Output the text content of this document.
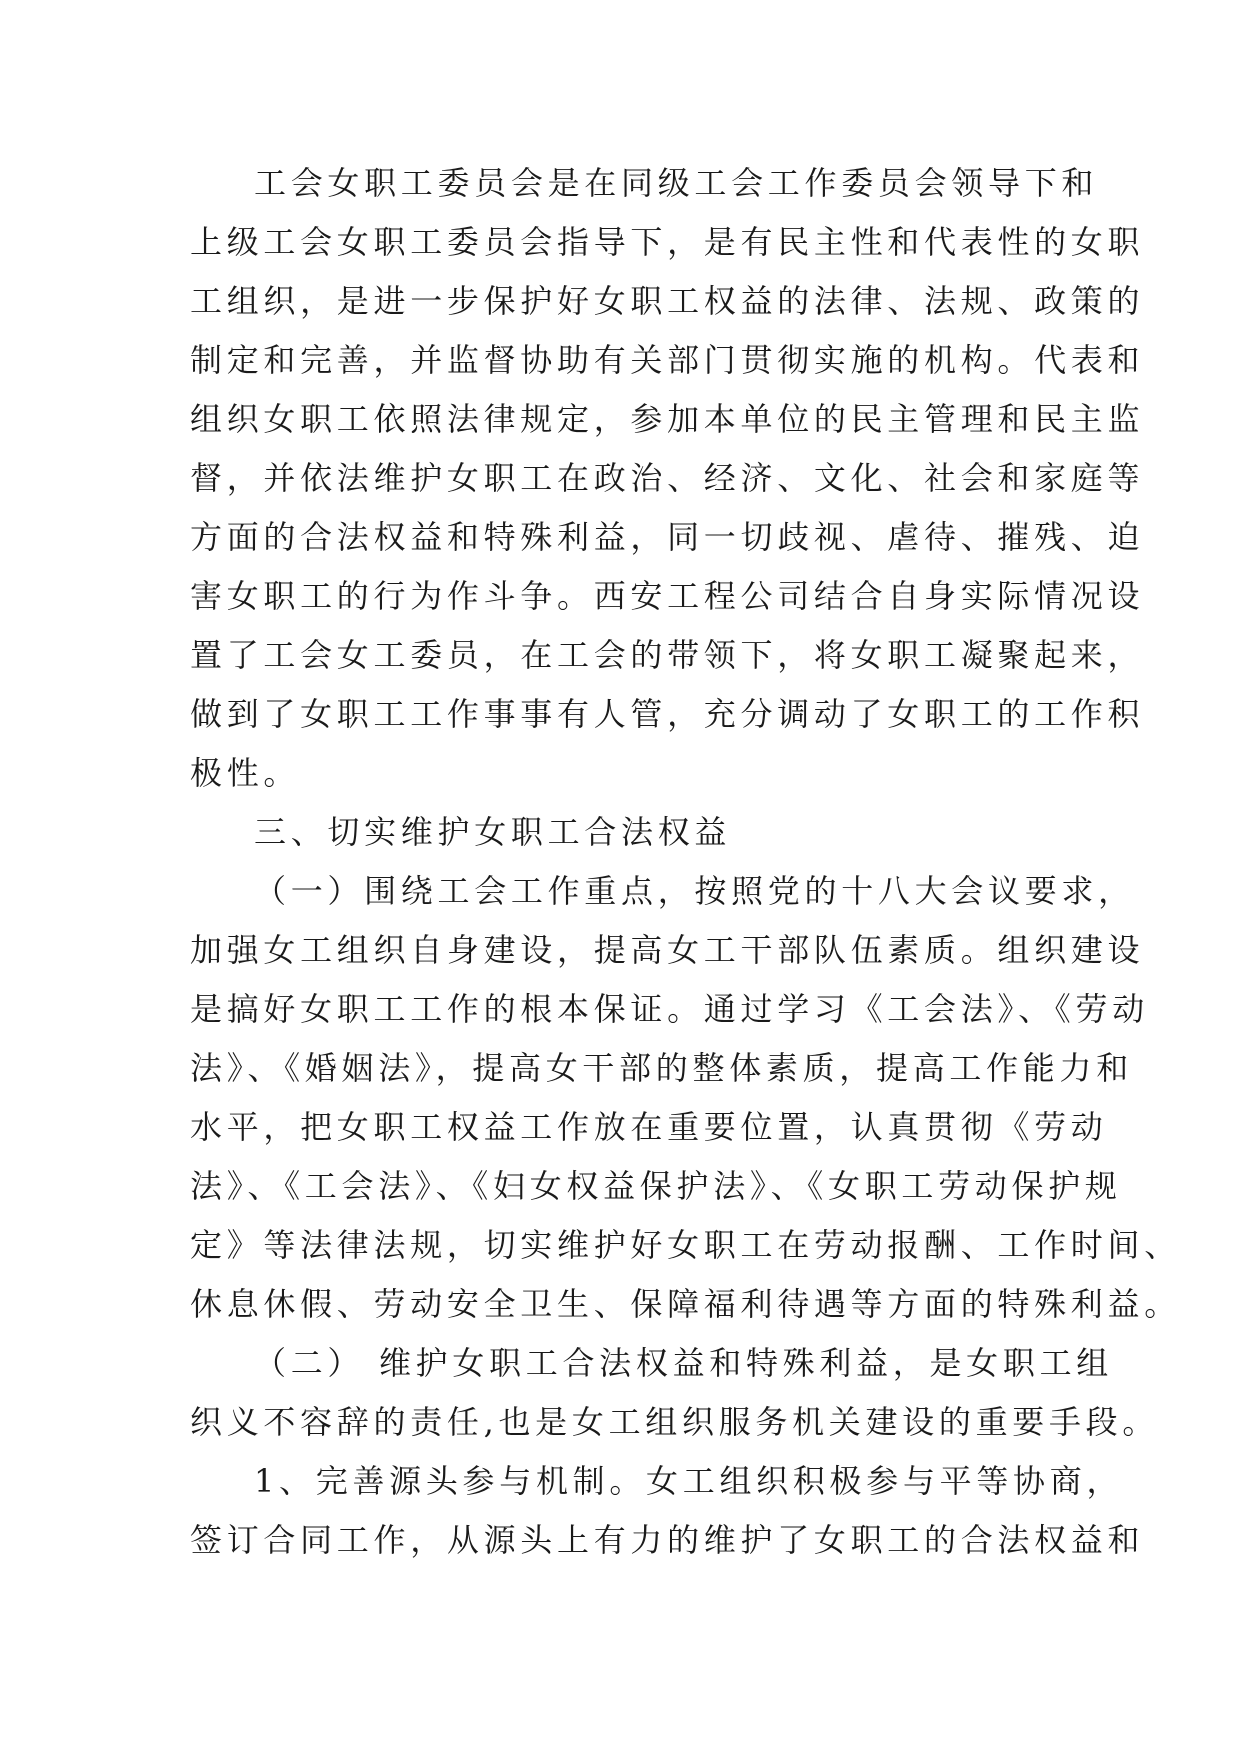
工会女职工委员会是在同级工会工作委员会领导下和
上级工会女职工委员会指导下，是有民主性和代表性的女职
工组织，是进一步保护好女职工权益的法律、法规、政策的
制定和完善，并监督协助有关部门贯彻实施的机构。代表和
组织女职工依照法律规定，参加本单位的民主管理和民主监
督，并依法维护女职工在政治、经济、文化、社会和家庭等
方面的合法权益和特殊利益，同一切歧视、虐待、摧残、迫
害女职工的行为作斗争。西安工程公司结合自身实际情况设
置了工会女工委员，在工会的带领下，将女职工凝聚起来，
做到了女职工工作事事有人管，充分调动了女职工的工作积
极性。
三、切实维护女职工合法权益
（一）围绕工会工作重点，按照党的十八大会议要求，
加强女工组织自身建设，提高女工干部队伍素质。组织建设
是搞好女职工工作的根本保证。通过学习《工会法》、《劳动
法》、《婚姻法》，提高女干部的整体素质，提高工作能力和
水平，把女职工权益工作放在重要位置，认真贯彻《劳动
法》、《工会法》、《妇女权益保护法》、《女职工劳动保护规
定》等法律法规，切实维护好女职工在劳动报酬、工作时间、
休息休假、劳动安全卫生、保障福利待遇等方面的特殊利益。
（二） 维护女职工合法权益和特殊利益，是女职工组
织义不容辞的责任,也是女工组织服务机关建设的重要手段。
1、完善源头参与机制。女工组织积极参与平等协商，
签订合同工作，从源头上有力的维护了女职工的合法权益和
